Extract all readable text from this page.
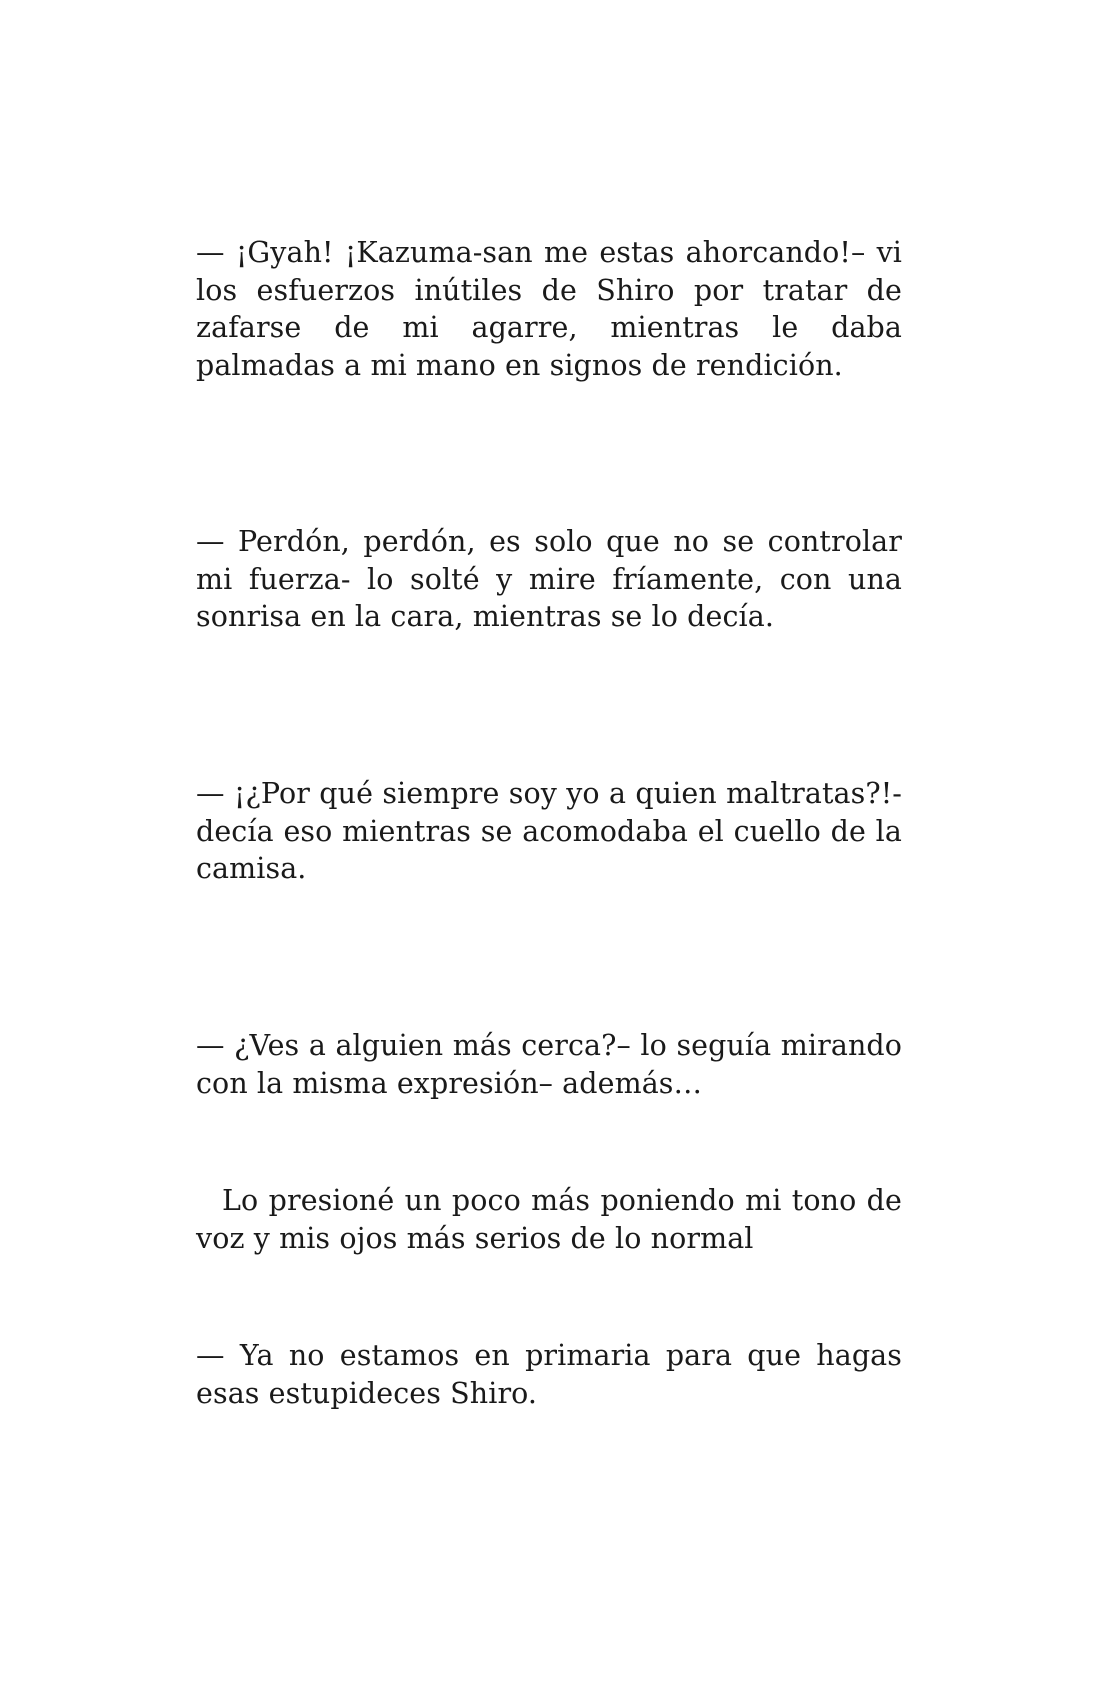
— ¡Gyah! ¡Kazuma-san me estas ahorcando!– vi los esfuerzos inútiles de Shiro por tratar de zafarse de mi agarre, mientras le daba palmadas a mi mano en signos de rendición.

— Perdón, perdón, es solo que no se controlar mi fuerza- lo solté y mire fríamente, con una sonrisa en la cara, mientras se lo decía.

— ¡¿Por qué siempre soy yo a quien maltratas?!- decía eso mientras se acomodaba el cuello de la camisa.

— ¿Ves a alguien más cerca?– lo seguía mirando con la misma expresión– además…

Lo presioné un poco más poniendo mi tono de voz y mis ojos más serios de lo normal

— Ya no estamos en primaria para que hagas esas estupideces Shiro.
